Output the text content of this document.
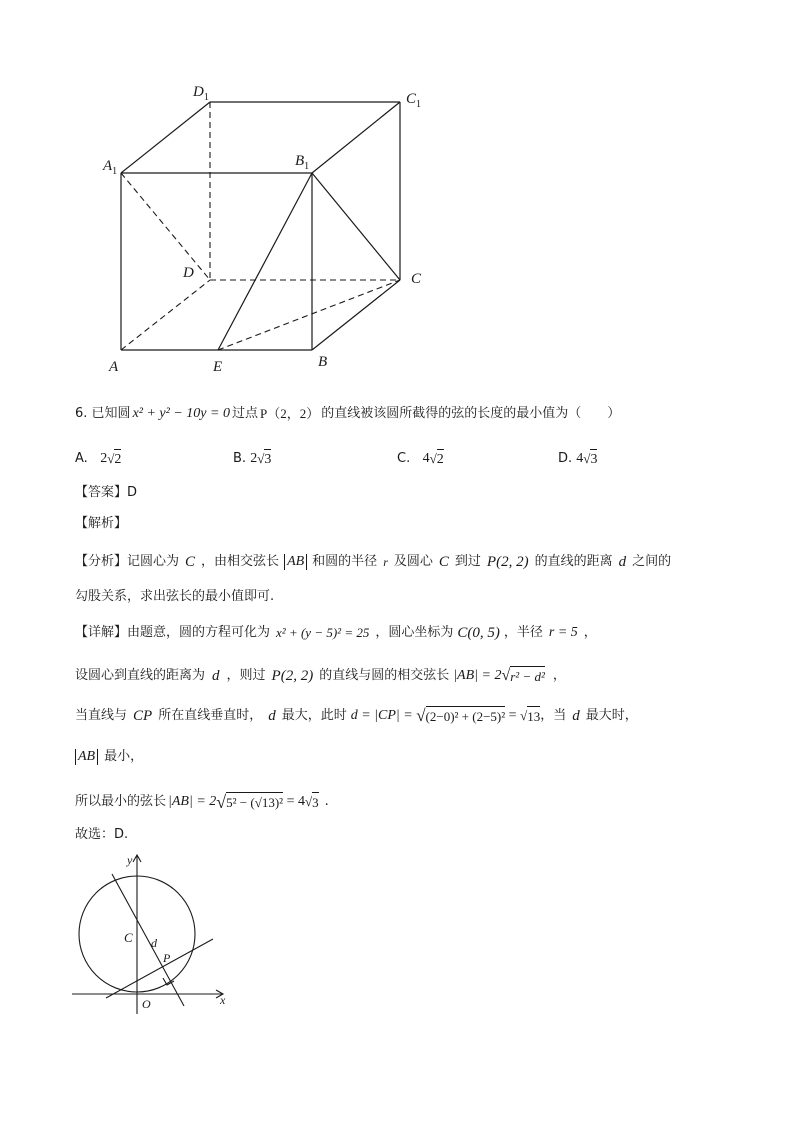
$D_1$	$C_1$
$A_1$
$B_1$
D	C
A	E	B
6.
已知圆 x² + y² − 10y = 0 过点 P（2，2） 的直线被该圆所截得的弦的长度的最小值为（　　）
A.
2 √ 2	B.
2 √ 3	C.
4 √ 2	D.
4 √ 3
【答案】 D
【解析】
【分析】 记圆心为 C ，由相交弦长 AB 和圆的半径 r 及圆心 C 到过 P(2, 2) 的直线的距离 d 之间的
勾股关系，求出弦长的最小值即可.
【详解】 由题意，圆的方程可化为 x² + (y − 5)² = 25 ，圆心坐标为 C(0, 5) ，半径 r = 5 ，
设圆心到直线的距离为 d ，则过 P(2, 2) 的直线与圆的相交弦长 |AB| = 2 √ r² − d² ，
当直线与 CP 所在直线垂直时， d 最大，此时 d = |CP| = √ (2−0)² + (2−5)² = √ 13 ，当 d 最大时，
AB 最小，
所以最小的弦长 |AB| = 2 √ 5² − (√13)² = 4 √ 3 .
故选：D.
y
x
C d
P
O
